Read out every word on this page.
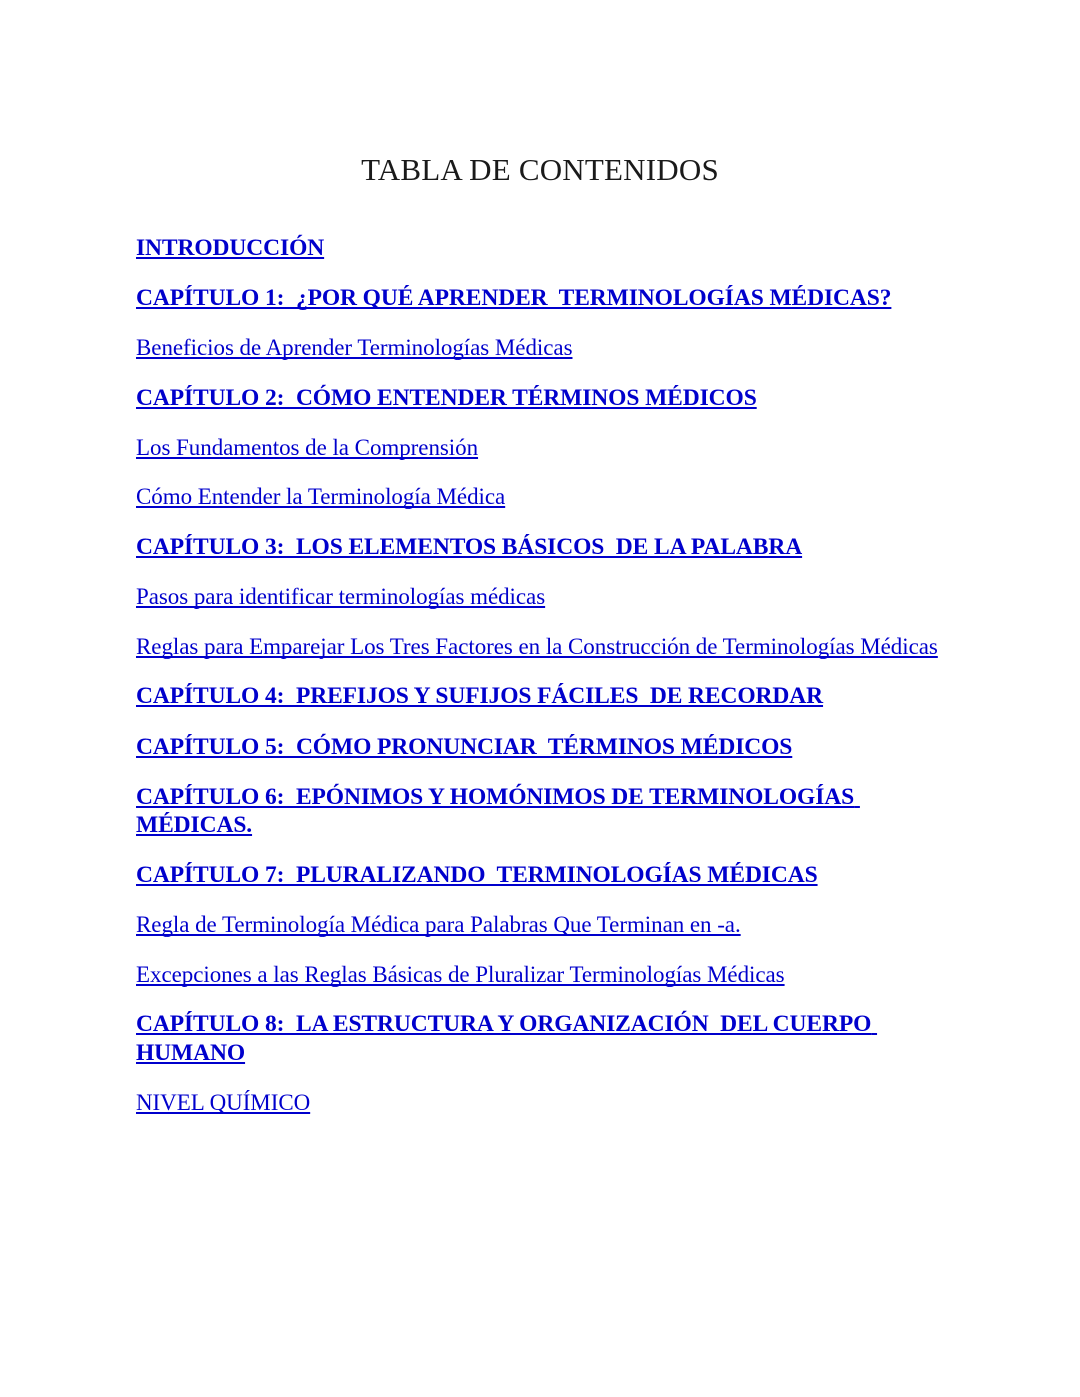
TABLA DE CONTENIDOS
INTRODUCCIÓN
CAPÍTULO 1:  ¿POR QUÉ APRENDER  TERMINOLOGÍAS MÉDICAS?
Beneficios de Aprender Terminologías Médicas
CAPÍTULO 2:  CÓMO ENTENDER TÉRMINOS MÉDICOS
Los Fundamentos de la Comprensión
Cómo Entender la Terminología Médica
CAPÍTULO 3:  LOS ELEMENTOS BÁSICOS  DE LA PALABRA
Pasos para identificar terminologías médicas
Reglas para Emparejar Los Tres Factores en la Construcción de Terminologías Médicas
CAPÍTULO 4:  PREFIJOS Y SUFIJOS FÁCILES  DE RECORDAR
CAPÍTULO 5:  CÓMO PRONUNCIAR  TÉRMINOS MÉDICOS
CAPÍTULO 6:  EPÓNIMOS Y HOMÓNIMOS DE TERMINOLOGÍAS MÉDICAS.
CAPÍTULO 7:  PLURALIZANDO  TERMINOLOGÍAS MÉDICAS
Regla de Terminología Médica para Palabras Que Terminan en -a.
Excepciones a las Reglas Básicas de Pluralizar Terminologías Médicas
CAPÍTULO 8:  LA ESTRUCTURA Y ORGANIZACIÓN  DEL CUERPO HUMANO
NIVEL QUÍMICO
